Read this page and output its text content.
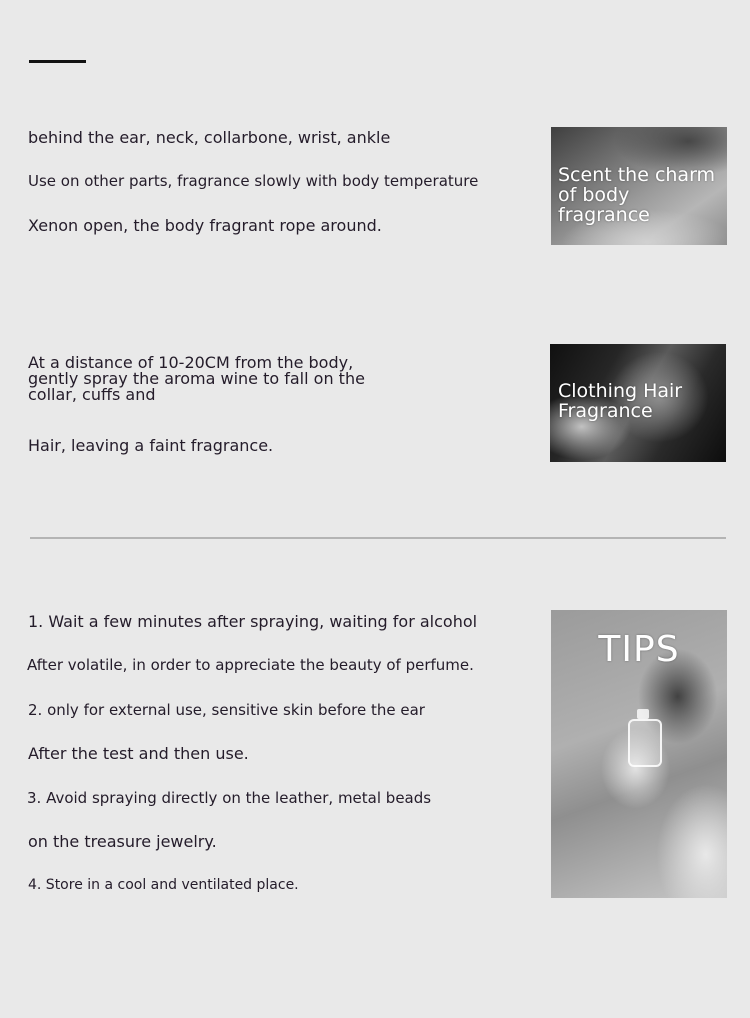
behind the ear, neck, collarbone, wrist, ankle
Use on other parts, fragrance slowly with body temperature
Xenon open, the body fragrant rope around.
Scent the charm
of body fragrance
At a distance of 10-20CM from the body, gently spray the aroma wine to fall on the collar, cuffs and
Hair, leaving a faint fragrance.
Clothing Hair
Fragrance
1. Wait a few minutes after spraying, waiting for alcohol
After volatile, in order to appreciate the beauty of perfume.
2. only for external use, sensitive skin before the ear
After the test and then use.
3. Avoid spraying directly on the leather, metal beads
on the treasure jewelry.
4. Store in a cool and ventilated place.
TIPS
